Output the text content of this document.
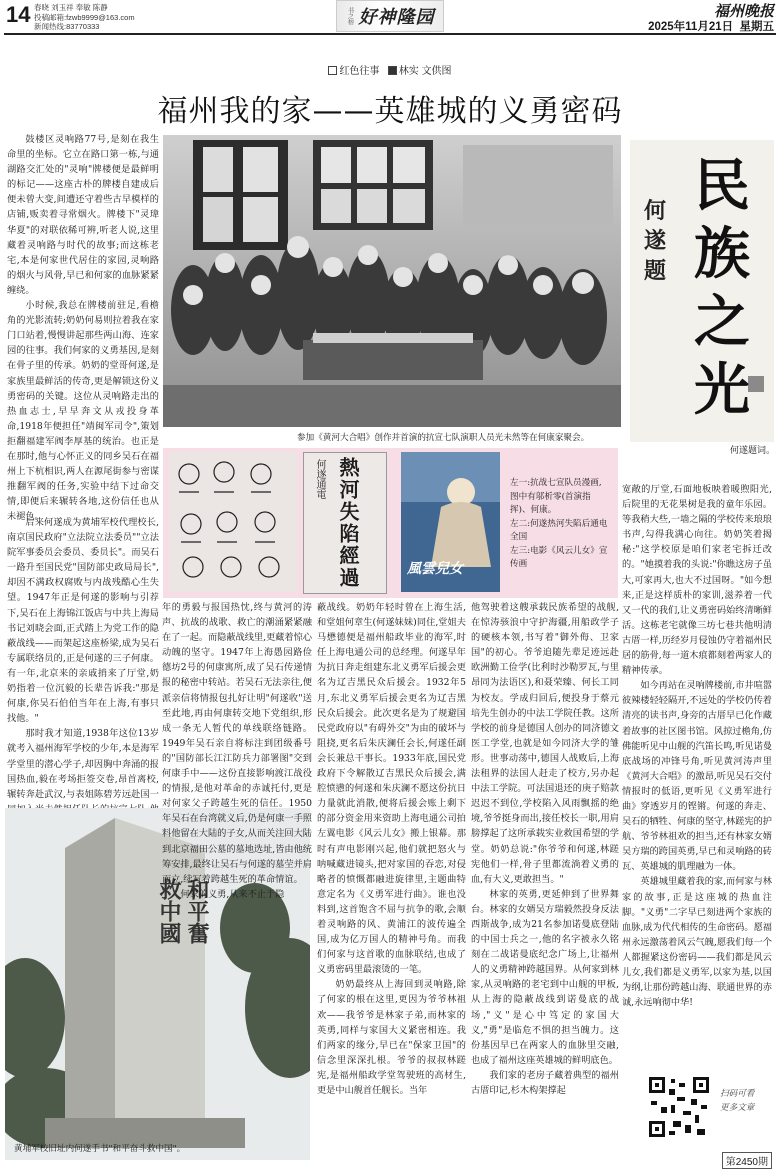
14 春晓 刘玉祥 奉敏 陈静
投稿邮箱:fzwb9999@163.com
新闻热线:83770333
书之榕 好神隆园	福州晚报
2025年11月21日 星期五
红色往事 林实 文供图
福州我的家——英雄城的义勇密码

鼓楼区灵响路77号,是刻在我生命里的坐标。它立在路口第一栋,与通湖路交汇处的"灵响"牌楼便是最鲜明的标记——这座古朴的牌楼自建成后便未曾大变,间遭还守着些古早模样的店铺,贩卖着寻常烟火。牌楼下"灵瑋华夏"的对联依稀可辨,听老人说,这里藏着灵响路与时代的故事;而这栋老宅,本是何家世代居住的家园,灵响路的烟火与风骨,早已和何家的血脉紧紧缠绕。

小时候,我总在牌楼前驻足,看檐角的光影流转;奶奶何易则拉着我在家门口站着,慢慢讲起那些两山海、连家园的往事。我们何家的义勇基因,是刻在骨子里的传承。奶奶的堂哥何遂,是家族里最鲜活的传奇,更是解锁这份义勇密码的关键。这位从灵响路走出的热血志士,早早奔文从戎投身革命,1918年便担任"靖闽军司令",策划拒翻福建军阀李厚基的统治。也正是在那时,他与心怀正义的同乡吴石在福州上下杭相识,两人在源尾街参与密谋推翻军阀的任务,实验中结下过命交情,即便后来辗转各地,这份信任也从未褪色。

后来何遂成为黄埔军校代理校长,南京国民政府"立法院立法委员""立法院军事委员会委员、委员长"。而吴石一路升至国民党"国防部史政局局长",却因不满政权腐败与内战残酷心生失望。1947年正是何遂的影响与引荐下,吴石在上海锦江饭店与中共上海局书记刘晓会面,正式踏上为党工作的隐蔽战线——而架起这座桥梁,成为吴石专属联络员的,正是何遂的三子何康。有一年,北京来的亲戚捎来了厅堂,奶奶指着一位沉毅的长辈告诉我:"那是何康,你吴石伯伯当年在上海,有事只找他。"

那时我才知道,1938年这位13岁就考入福州海军学校的少年,本是海军学堂里的潜心学子,却因胸中奔涌的报国热血,毅在考场拒签交卷,昂首离校,辗转奔赴武汉,与表姐陈碧芳远赴国一

参加《黄河大合唱》创作并首演的抗宣七队演职人员光未然等在何康家聚会。
民族之光
何遂 题
何遂题词。
何遂通電 熱河失陷經過	風雲兒女
左一:抗战七宣队员漫画,图中有邬析零(首演指挥)、何康。
左二:何遂热河失陷后通电全国
左三:电影《风云儿女》宣传画
和平奮
救中國
黄埔军校旧址内何遂手书"和平奋斗救中国"。

年的勇毅与报国热忱,终与黄河的涛声、抗战的战歌、救亡的潮涌紧紧融在了一起。而隐蔽战线里,更藏着惊心动魄的坚守。1947年上海愚园路俭德坊2号的何康寓所,成了吴石传递情报的秘密中转站。若吴石无法亲往,便派亲信将情报包扎好让明"何遂收"送至此地,再由何康转交地下党组织,形成一条无人暂代的单线联络链路。1949年吴石亲自将标注到团级番号的"国防部长江江防兵力部署图"交到何康手中——这份直接影响渡江战役的情报,是他对革命的赤诚托付,更是对何家父子跨越生死的信任。1950年吴石在台湾就义后,仍是何康一手照料他留在大陆的子女,从而关注回大陆到北京福田公墓的墓地选址,皆由他统筹安排,最终让吴石与何遂的墓茔并肩而立,续写着跨越生死的革命情谊。

何家的义勇,从来不止于隐

蔽战线。奶奶年轻时曾在上海生活,和堂姐何章生(何遂妹妹)同住,堂姐夫马懋德便是福州船政毕业的海军,时任上海电通公司的总经理。何遂早年为抗日奔走组建东北义勇军后援会更名为辽吉黑民众后援会。1932年5月,东北义勇军后援会更名为辽吉黑民众后援会。此次更名是为了规避国民党政府以"有碍外交"为由的破坏与阻挠,更名后朱庆澜任会长,何遂任副会长兼总干事长。1933年底,国民党政府下令解散辽吉黑民众后援会,满腔愤懑的何遂和朱庆澜不愿这份抗日力量就此消散,便将后援会账上剩下的部分资金用来资助上海电通公司拍左翼电影《风云儿女》搬上银幕。那时有声电影刚兴起,他们就把怒火与呐喊藏进镜头,把对家国的吞恋,对侵略者的愤慨都融进旋律里,主题曲特意定名为《义勇军进行曲》。谁也没料到,这首饱含不屈与抗争的歌,会顺着灵响路的风、黄浦江的波传遍全国,成为亿万国人的精神号角。而我们何家与这首歌的血脉联结,也成了义勇密码里最滚烫的一笔。

奶奶最终从上海回到灵响路,除了何家的根在这里,更因为爷爷林祖欢——我爷爷是林家子弟,而林家的英勇,同样与家国大义紧密相连。我们两家的缘分,早已在"保家卫国"的信念里深深扎根。爷爷的叔叔林蹉宪,是福州船政学堂驾驶班的高材生,更是中山舰首任舰长。当年

他驾驶着这艘承载民族希望的战舰,在惊涛骇浪中守护海疆,用船政学子的硬核本领,书写着"御外侮、卫家国"的初心。爷爷追随先辈足迹远赴欧洲勤工俭学(比利时沙勒罗瓦,与里昂同为法语区),和聂荣臻、何长工同为校友。学成归回后,便投身于蔡元培先生创办的中法工学院任教。这所学校的前身是德国人创办的同济德文医工学堂,也就是如今同济大学的雏形。世事动荡中,德国人战败后,上海法租界的法国人赶走了校方,另办起中法工学院。可法国退还的庚子赔款迟迟不到位,学校陷入风雨飘摇的绝境,爷爷挺身而出,接任校长一职,用肩膀撑起了这所承载实业救国希望的学堂。奶奶总说:"你爷爷和何遂,林蹉宪他们一样,骨子里都流淌着义勇的血,有大义,更敢担当。"

林家的英勇,更延伸到了世界舞台。林家的女婿吴方瑞毅然投身反法西斯战争,成为21名参加诺曼底登陆的中国士兵之一,他的名字被永久铭刻在二战诺曼底纪念广场上,让福州人的义勇精神跨越国界。从何家到林家,从灵响路的老宅到中山舰的甲板,从上海的隐蔽战线到诺曼底的战场,"义"是心中笃定的家国大义,"勇"是临危不惧的担当魄力。这份基因早已在两家人的血脉里交融,也成了福州这座英雄城的鲜明底色。

我们家的老房子藏着典型的福州古厝印记,杉木构架撑起

宽敞的厅堂,石面地板映着暖煦阳光,后院里的无花果树是我的童年乐园。等我稍大些,一墙之隔的学校传来琅琅书声,勾得我满心向往。奶奶笑着揭秘:"这学校原是咱们家老宅拆迁改的。"她摸着我的头说:"你瞧这房子虽大,可家再大,也大不过国呀。"如今想来,正是这样质朴的家训,滋养着一代又一代的我们,让义勇密码始终清晰鲜活。这栋老宅就像三坊七巷共他明清古厝一样,历经岁月侵蚀仍守着福州民居的筋骨,每一道木痕都刻着两家人的精神传承。

如今再站在灵响牌楼前,市井喧嚣彼辣楼轻轻隔开,不远处的学校仍传着清亮的读书声,身旁的古厝早已化作藏着故事的社区图书馆。风掠过檐角,仿佛能听见中山舰的汽笛长鸣,听见诺曼底战场的冲锋号角,听见黄河涛声里《黄河大合唱》的激昂,听见吴石交付情报时的低语,更听见《义勇军进行曲》穿透岁月的铿锵。何遂的奔走、吴石的牺牲、何康的坚守,林蹉宪的护航、爷爷林祖欢的担当,还有林家女婿吴方瑞的跨国英勇,早已和灵响路的砖瓦、英雄城的肌理融为一体。

英雄城里藏着我的家,而何家与林家的故事,正是这座城的热血注脚。"义勇"二字早已刻进两个家族的血脉,成为代代相传的生命密码。愿福州永远激荡着风云气魄,愿我们每一个人都握紧这份密码——我们都是风云儿女,我们都是义勇军,以家为基,以国为纲,让那份跨越山海、联通世界的赤诚,永远响彻中华!

扫码可看
更多文章
第2450期
